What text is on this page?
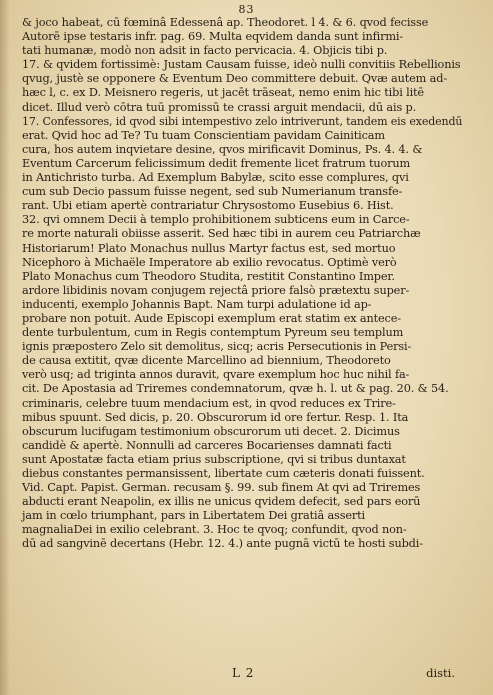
83
& joco habeat, cū fœminâ Edessenâ ap. Theodoret. l 4. & 6. qvod fecisse
Autorē ipse testaris infr. pag. 69. Multa eqvidem danda sunt infirmi-
tati humanæ, modò non adsit in facto pervicacia. 4. Objicis tibi p.
17. & qvidem fortissimè: Justam Causam fuisse, ideò nulli convitiis Rebellionis
qvug, justè se opponere & Eventum Deo committere debuit. Qvæ autem ad-
hæc l, c. ex D. Meisnero regeris, ut jacēt trāseat, nemo enim hic tibi litē
dicet. Illud verò cōtra tuū promissū te crassi arguit mendacii, dū ais p.
17. Confessores, id qvod sibi intempestivo zelo intriverunt, tandem eis exedendū
erat. Qvid hoc ad Te? Tu tuam Conscientiam pavidam Cainiticam
cura, hos autem inqvietare desine, qvos mirificavit Dominus, Ps. 4. 4. &
Eventum Carcerum felicissimum dedit fremente licet fratrum tuorum
in Antichristo turba. Ad Exemplum Babylæ, scito esse complures, qvi
cum sub Decio passum fuisse negent, sed sub Numerianum transfe-
rant. Ubi etiam apertè contrariatur Chrysostomo Eusebius 6. Hist.
32. qvi omnem Decii à templo prohibitionem subticens eum in Carce-
re morte naturali obiisse asserit. Sed hæc tibi in aurem ceu Patriarchæ
Historiarum! Plato Monachus nullus Martyr factus est, sed mortuo
Nicephoro à Michaële Imperatore ab exilio revocatus. Optimè verò
Plato Monachus cum Theodoro Studita, restitit Constantino Imper.
ardore libidinis novam conjugem rejectâ priore falsò prætextu super-
inducenti, exemplo Johannis Bapt. Nam turpi adulatione id ap-
probare non potuit. Aude Episcopi exemplum erat statim ex antece-
dente turbulentum, cum in Regis contemptum Pyreum seu templum
ignis præpostero Zelo sit demolitus, sicq; acris Persecutionis in Persi-
de causa extitit, qvæ dicente Marcellino ad biennium, Theodoreto
verò usq; ad triginta annos duravit, qvare exemplum hoc huc nihil fa-
cit. De Apostasia ad Triremes condemnatorum, qvæ h. l. ut & pag. 20. & 54.
criminaris, celebre tuum mendacium est, in qvod reduces ex Trire-
mibus spuunt. Sed dicis, p. 20. Obscurorum id ore fertur. Resp. 1. Ita
obscurum lucifugam testimonium obscurorum uti decet. 2. Dicimus
candidè & apertè. Nonnulli ad carceres Bocarienses damnati facti
sunt Apostatæ facta etiam prius subscriptione, qvi si tribus duntaxat
diebus constantes permansissent, libertate cum cæteris donati fuissent.
Vid. Capt. Papist. German. recusam §. 99. sub finem At qvi ad Triremes
abducti erant Neapolin, ex illis ne unicus qvidem defecit, sed pars eorū
jam in cœlo triumphant, pars in Libertatem Dei gratiâ asserti
magnaliaDei in exilio celebrant. 3. Hoc te qvoq; confundit, qvod non-
dū ad sangvinē decertans (Hebr. 12. 4.) ante pugnā victū te hosti subdi-
L 2	disti.
